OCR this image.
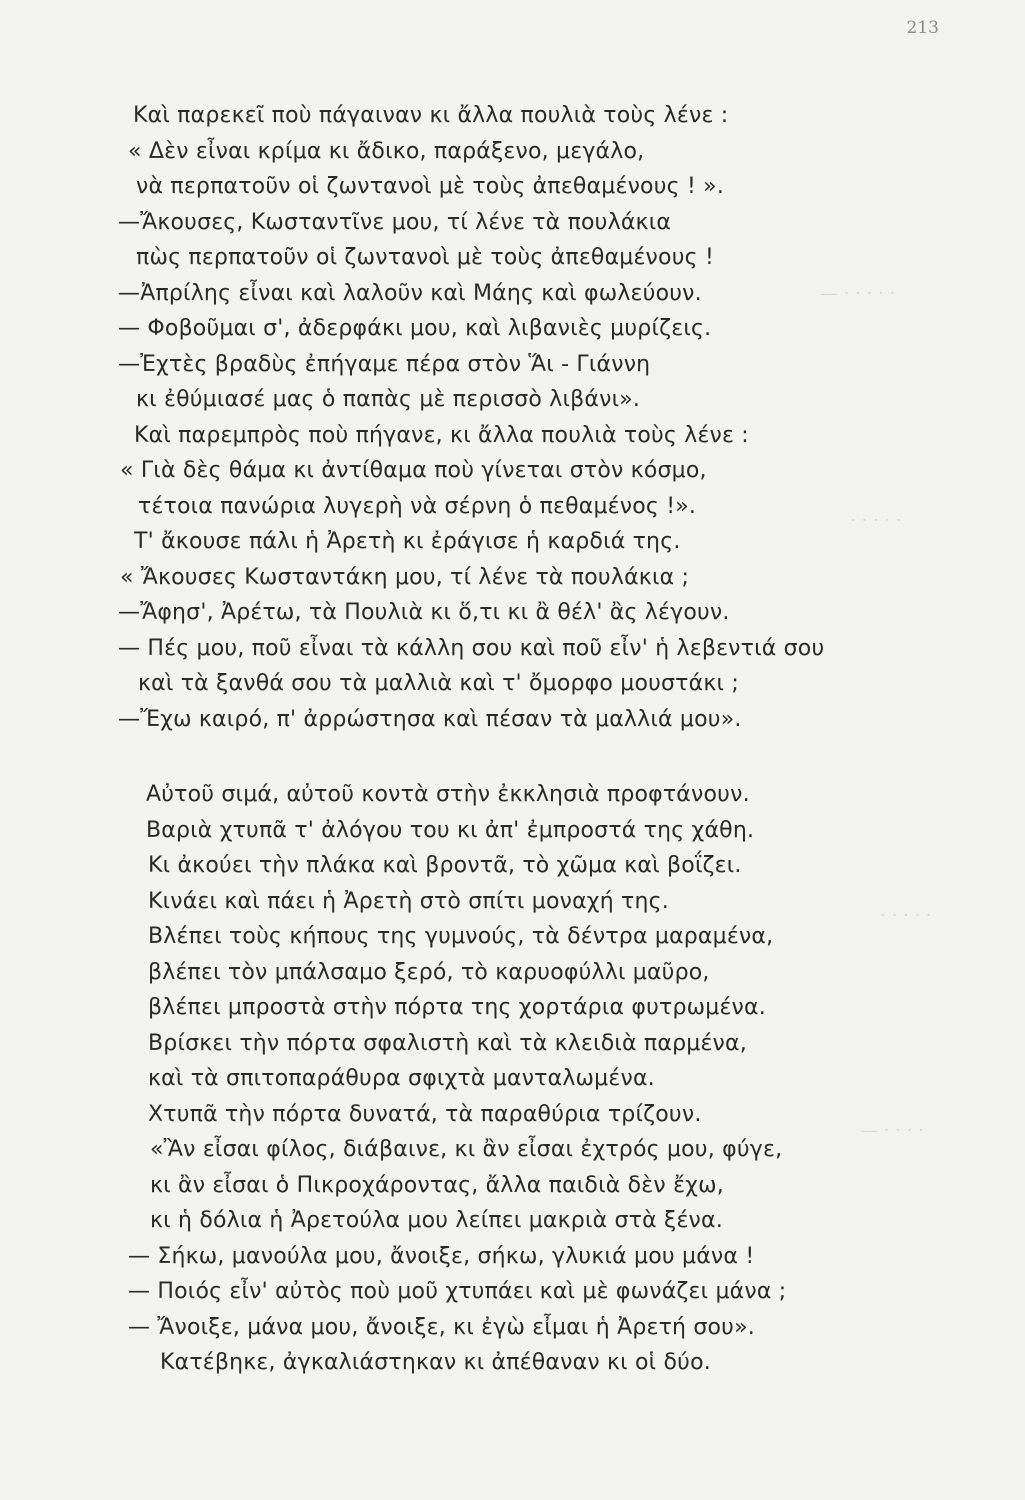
213
— · · · · ·
· · · · ·
· · · · ·
— · · · ·
Καὶ παρεκεῖ ποὺ πάγαιναν κι ἄλλα πουλιὰ τοὺς λένε :
« Δὲν εἶναι κρίμα κι ἄδικο, παράξενο, μεγάλο,
νὰ περπατοῦν οἱ ζωντανοὶ μὲ τοὺς ἀπεθαμένους ! ».
—Ἄκουσες, Κωσταντῖνε μου, τί λένε τὰ πουλάκια
πὼς περπατοῦν οἱ ζωντανοὶ μὲ τοὺς ἀπεθαμένους !
—Ἀπρίλης εἶναι καὶ λαλοῦν καὶ Μάης καὶ φωλεύουν.
— Φοβοῦμαι σ', ἀδερφάκι μου, καὶ λιβανιὲς μυρίζεις.
—Ἐχτὲς βραδὺς ἐπήγαμε πέρα στὸν Ἅι - Γιάννη
κι ἐθύμιασέ μας ὁ παπὰς μὲ περισσὸ λιβάνι».
Καὶ παρεμπρὸς ποὺ πήγανε, κι ἄλλα πουλιὰ τοὺς λένε :
« Γιὰ δὲς θάμα κι ἀντίθαμα ποὺ γίνεται στὸν κόσμο,
τέτοια πανώρια λυγερὴ νὰ σέρνη ὁ πεθαμένος !».
Τ' ἄκουσε πάλι ἡ Ἀρετὴ κι ἐράγισε ἡ καρδιά της.
« Ἄκουσες Κωσταντάκη μου, τί λένε τὰ πουλάκια ;
—Ἄφησ', Ἀρέτω, τὰ Πουλιὰ κι ὅ,τι κι ἂ θέλ' ἂς λέγουν.
— Πές μου, ποῦ εἶναι τὰ κάλλη σου καὶ ποῦ εἶν' ἡ λεβεντιά σου
καὶ τὰ ξανθά σου τὰ μαλλιὰ καὶ τ' ὄμορφο μουστάκι ;
—Ἔχω καιρό, π' ἀρρώστησα καὶ πέσαν τὰ μαλλιά μου».
Αὐτοῦ σιμά, αὐτοῦ κοντὰ στὴν ἐκκλησιὰ προφτάνουν.
Βαριὰ χτυπᾶ τ' ἀλόγου του κι ἀπ' ἐμπροστά της χάθη.
Κι ἀκούει τὴν πλάκα καὶ βροντᾶ, τὸ χῶμα καὶ βοΐζει.
Κινάει καὶ πάει ἡ Ἀρετὴ στὸ σπίτι μοναχή της.
Βλέπει τοὺς κήπους της γυμνούς, τὰ δέντρα μαραμένα,
βλέπει τὸν μπάλσαμο ξερό, τὸ καρυοφύλλι μαῦρο,
βλέπει μπροστὰ στὴν πόρτα της χορτάρια φυτρωμένα.
Βρίσκει τὴν πόρτα σφαλιστὴ καὶ τὰ κλειδιὰ παρμένα,
καὶ τὰ σπιτοπαράθυρα σφιχτὰ μανταλωμένα.
Χτυπᾶ τὴν πόρτα δυνατά, τὰ παραθύρια τρίζουν.
«Ἂν εἶσαι φίλος, διάβαινε, κι ἂν εἶσαι ἐχτρός μου, φύγε,
κι ἂν εἶσαι ὁ Πικροχάροντας, ἄλλα παιδιὰ δὲν ἔχω,
κι ἡ δόλια ἡ Ἀρετούλα μου λείπει μακριὰ στὰ ξένα.
— Σήκω, μανούλα μου, ἄνοιξε, σήκω, γλυκιά μου μάνα !
— Ποιός εἶν' αὐτὸς ποὺ μοῦ χτυπάει καὶ μὲ φωνάζει μάνα ;
— Ἄνοιξε, μάνα μου, ἄνοιξε, κι ἐγὼ εἶμαι ἡ Ἀρετή σου».
Κατέβηκε, ἀγκαλιάστηκαν κι ἀπέθαναν κι οἱ δύο.
